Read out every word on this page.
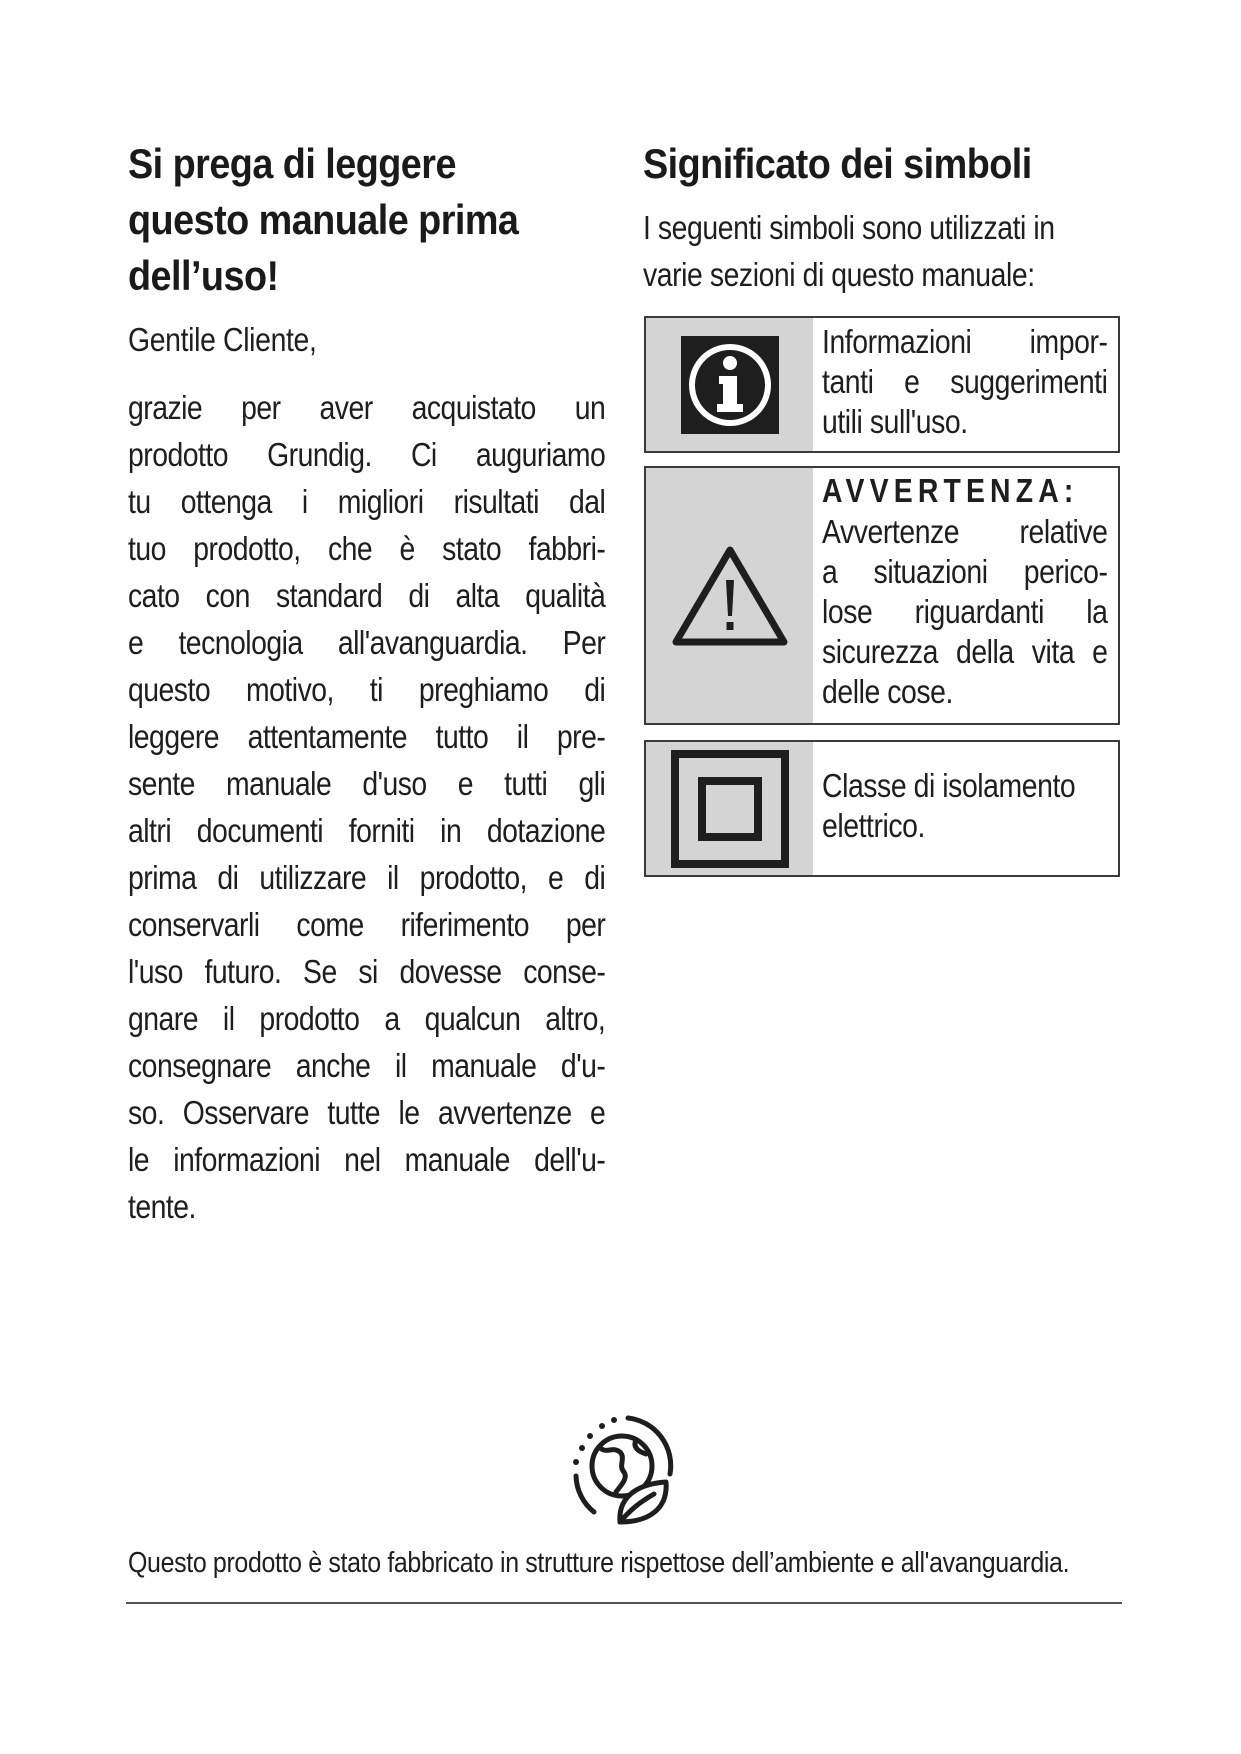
Si prega di leggere
questo manuale prima
dell’uso!
Gentile Cliente,
grazie per aver acquistato un
prodotto Grundig. Ci auguriamo
tu ottenga i migliori risultati dal
tuo prodotto, che è stato fabbri-
cato con standard di alta qualità
e tecnologia all'avanguardia. Per
questo motivo, ti preghiamo di
leggere attentamente tutto il pre-
sente manuale d'uso e tutti gli
altri documenti forniti in dotazione
prima di utilizzare il prodotto, e di
conservarli come riferimento per
l'uso futuro. Se si dovesse conse-
gnare il prodotto a qualcun altro,
consegnare anche il manuale d'u-
so. Osservare tutte le avvertenze e
le informazioni nel manuale dell'u-
tente.
Significato dei simboli
I seguenti simboli sono utilizzati in
varie sezioni di questo manuale:
Informazioni impor-
tanti e suggerimenti
utili sull'uso.
AVVERTENZA:
Avvertenze relative
a situazioni perico-
lose riguardanti la
sicurezza della vita e
delle cose.
Classe di isolamento
elettrico.
Questo prodotto è stato fabbricato in strutture rispettose dell’ambiente e all'avanguardia.
